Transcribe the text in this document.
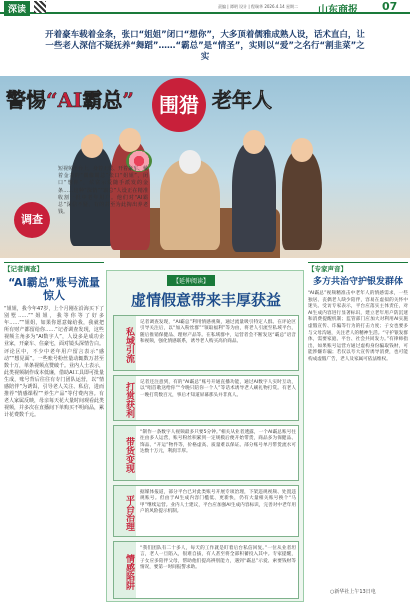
深读	责编 | 谭明 设计 | 程瑞华 2026.4.14 星期二 山东商报 07
开着豪车载着金条，张口“姐姐”闭口“想你”，大多顶着儒雅成熟人设，话术直白，让一些老人深信不疑抚养“舞蹈”……“霸总”是“情圣”，实则以“爱”之名行“割韭菜”之实
警惕“AI霸总”	围猎 老年人
调查
短视频平台上，身着正装、开着豪车、戴着金表的“偶像霸总”张口“姐姐”，闭口“想你”，炫富示爱随手派发的金条……这种“深情”“霸总”人设正在精准收割一批中老年用户。他们对“AI霸总”深信不疑，有的甚至为此掏出养老钱。
【记者调查】	【专家声音】
“AI霸总”账号流量惊人

“姐姐，我今年47岁，上个月刚在沿海买下了别墅……”“姐姐，我等你等了好多年……”“姐姐，如果你愿意嫁给我，我就把所有财产都留给你……”记者调查发现，这些视频主角多为“AI数字人”，人设多是成功企业家，开豪车、住豪宅，面对镜头深情告白。评论区中，不少中老年用户留言表示“感动”“想见面”。一些账号粉丝量动辄数万甚至数十万，单条视频点赞破千。业内人士表示，此类视频制作成本低廉，借助AI工具即可批量生成，账号背后往往有专门团队运营，以“情感陪伴”为诱饵，引导老人关注、私信，进而推荐“情感课程”“养生产品”等付费内容。有老人家属反映，母亲每天花大量时间观看此类视频，并多次在直播间下单购买不明商品，累计花费数千元。

【延伸阅读】
虚情假意带来丰厚获益
私域引流

记者调查发现，“AI霸总”利用情感视频，通过流量吸引特定人群。在评论区引导关注后，以“加入粉丝群”“领取福利”等为由，将老人引流至私域平台，随后推销保健品、理财产品等。在私域群中，运营者会不断发送“霸总”语音和视频，强化情感联系，诱导老人购买高价商品。

打赏获利	记者还注意到，有的“AI霸总”账号开通直播功能，通过AI数字人实时互动，以“唱首歌送给你”“今晚只陪你一个人”等话术诱导老人刷礼物打赏。有老人一晚打赏数百元，事后才知道屏幕那头并非真人。

带货变现

“制作一条数字人视频最多只要5分钟。”相关从业者透露，一个AI霸总账号往往由多人运营，账号粉丝积累到一定规模后便开始带货，商品多为保健品、饰品、“开运”物件等，价格虚高、质量难以保证。部分账号单月带货流水可达数十万元，利润丰厚。

平台治理

据媒体报道，部分平台已对此类账号开展专项治理，下架违规视频、处置违规账号。但由于AI生成内容门槛低、更新快，仍有大量相关账号换个“马甲”继续运营。业内人士建议，平台应加强AI生成内容标识，完善对中老年用户的风险提示机制。

情感陷阱

“我们团队有二十多人，每天的工作就是盯着后台私信回复。”一位从业者坦言，老人一旦陷入，很难自拔，有人甚至将全部积蓄投入其中。专家提醒，子女应多陪伴父母，帮助他们提高辨别能力，遇到“霸总”示爱、索要钱财等情况，要第一时间报警求助。

多方共治守护银发群体

“AI霸总”视频精准击中老年人的情感需求，一些独居、丧偶老人缺少陪伴，容易在虚拟的关怀中迷失。受访专家表示，平台应落实主体责任，对AI生成内容进行显著标识，建立老年用户防沉迷和消费提醒机制；监管部门应加大对利用AI实施虚假宣传、诈骗等行为的打击力度；子女也要多与父母沟通，关注老人的精神生活。“守护银发群体，需要家庭、平台、社会共同发力。”有律师指出，如果账号运营方通过虚构身份骗取钱财，可能涉嫌诈骗；若仅以夸大宣传诱导消费，也可能构成虚假广告，老人及家属可依法维权。

○新华社上午13日电
